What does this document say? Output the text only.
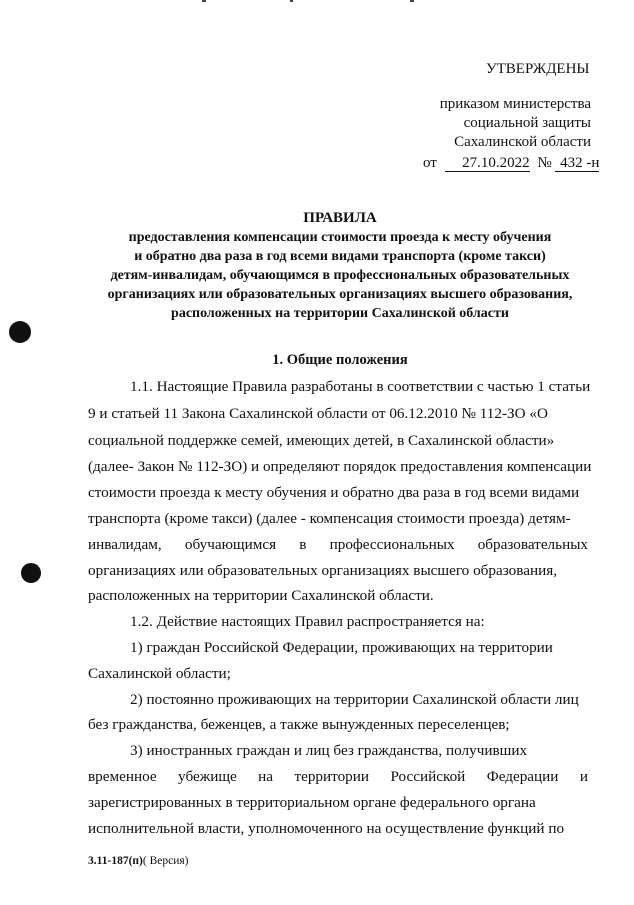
УТВЕРЖДЕНЫ
приказом министерства
социальной защиты
Сахалинской области
от 27.10.2022 № 432 -н
ПРАВИЛА
предоставления компенсации стоимости проезда к месту обучения
и обратно два раза в год всеми видами транспорта (кроме такси)
детям-инвалидам, обучающимся в профессиональных образовательных
организациях или образовательных организациях высшего образования,
расположенных на территории Сахалинской области
1. Общие положения
1.1. Настоящие Правила разработаны в соответствии с частью 1 статьи
9 и статьей 11 Закона Сахалинской области от 06.12.2010 № 112-ЗО «О
социальной поддержке семей, имеющих детей, в Сахалинской области»
(далее- Закон № 112-ЗО) и определяют порядок предоставления компенсации
стоимости проезда к месту обучения и обратно два раза в год всеми видами
транспорта (кроме такси) (далее - компенсация стоимости проезда) детям-
инвалидам, обучающимся в профессиональных образовательных
организациях или образовательных организациях высшего образования,
расположенных на территории Сахалинской области.
1.2. Действие настоящих Правил распространяется на:
1) граждан Российской Федерации, проживающих на территории
Сахалинской области;
2) постоянно проживающих на территории Сахалинской области лиц
без гражданства, беженцев, а также вынужденных переселенцев;
3) иностранных граждан и лиц без гражданства, получивших
временное убежище на территории Российской Федерации и
зарегистрированных в территориальном органе федерального органа
исполнительной власти, уполномоченного на осуществление функций по
3.11-187(п)( Версия)
